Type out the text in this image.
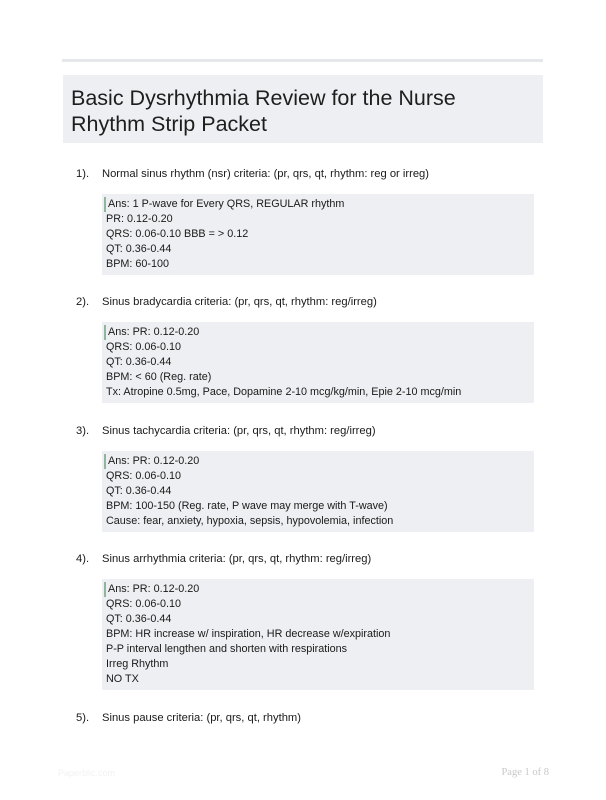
Basic Dysrhythmia Review for the Nurse Rhythm Strip Packet
1).	Normal sinus rhythm (nsr) criteria: (pr, qrs, qt, rhythm: reg or irreg)
Ans: 1 P-wave for Every QRS, REGULAR rhythm
PR: 0.12-0.20
QRS: 0.06-0.10 BBB = > 0.12
QT: 0.36-0.44
BPM: 60-100
2).	Sinus bradycardia criteria: (pr, qrs, qt, rhythm: reg/irreg)
Ans: PR: 0.12-0.20
QRS: 0.06-0.10
QT: 0.36-0.44
BPM: < 60 (Reg. rate)
Tx: Atropine 0.5mg, Pace, Dopamine 2-10 mcg/kg/min, Epie 2-10 mcg/min
3).	Sinus tachycardia criteria: (pr, qrs, qt, rhythm: reg/irreg)
Ans: PR: 0.12-0.20
QRS: 0.06-0.10
QT: 0.36-0.44
BPM: 100-150 (Reg. rate, P wave may merge with T-wave)
Cause: fear, anxiety, hypoxia, sepsis, hypovolemia, infection
4).	Sinus arrhythmia criteria: (pr, qrs, qt, rhythm: reg/irreg)
Ans: PR: 0.12-0.20
QRS: 0.06-0.10
QT: 0.36-0.44
BPM: HR increase w/ inspiration, HR decrease w/expiration
P-P interval lengthen and shorten with respirations
Irreg Rhythm
NO TX
5).	Sinus pause criteria: (pr, qrs, qt, rhythm)
Paperblic.com	Page 1 of 8
